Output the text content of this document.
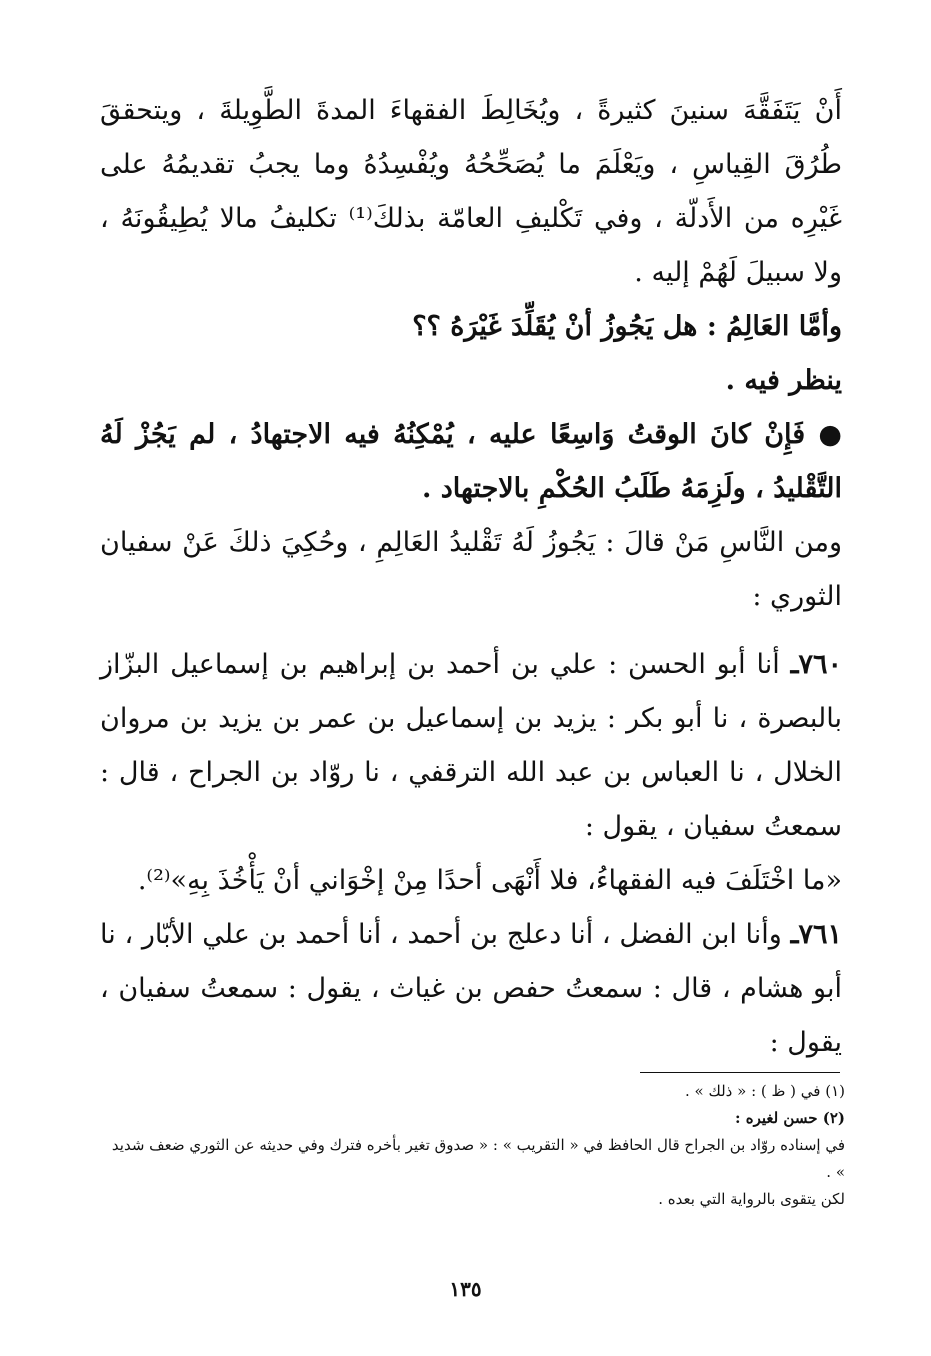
أَنْ يَتَفَقَّهَ سنينَ كثيرةً ، ويُخَالِطَ الفقهاءَ المدةَ الطَّوِيلةَ ، ويتحققَ طُرُقَ القِياسِ ، ويَعْلَمَ ما يُصَحِّحُهُ ويُفْسِدُهُ وما يجبُ تقديمُهُ على غَيْرِه من الأَدلّة ، وفي تَكْليفِ العامّة بذلكَ⁽¹⁾ تكليفُ مالا يُطِيقُونَهُ ، ولا سبيلَ لَهُمْ إليه .

وأمَّا العَالِمُ : هل يَجُوزُ أنْ يُقَلِّدَ غَيْرَهُ ؟؟

ينظر فيه .

● فَإِنْ كانَ الوقتُ وَاسِعًا عليه ، يُمْكِنُهُ فيه الاجتهادُ ، لم يَجُزْ لَهُ التَّقْليدُ ، ولَزِمَهُ طَلَبُ الحُكْمِ بالاجتهاد .

ومن النَّاسِ مَنْ قالَ : يَجُوزُ لَهُ تَقْليدُ العَالِمِ ، وحُكِيَ ذلكَ عَنْ سفيان الثوري :

٧٦٠ـ أنا أبو الحسن : علي بن أحمد بن إبراهيم بن إسماعيل البزّاز بالبصرة ، نا أبو بكر : يزيد بن إسماعيل بن عمر بن يزيد بن مروان الخلال ، نا العباس بن عبد الله الترقفي ، نا روّاد بن الجراح ، قال : سمعتُ سفيان ، يقول :

«ما اخْتَلَفَ فيه الفقهاءُ، فلا أَنْهَى أحدًا مِنْ إخْوَاني أنْ يَأْخُذَ بِهِ»⁽²⁾.

٧٦١ـ وأنا ابن الفضل ، أنا دعلج بن أحمد ، أنا أحمد بن علي الأبّار ، نا أبو هشام ، قال : سمعتُ حفص بن غياث ، يقول : سمعتُ سفيان ، يقول :

(١) في ( ظ ) : « ذلك » .

(٢) حسن لغيره :

في إسناده روّاد بن الجراح قال الحافظ في « التقريب » : « صدوق تغير بأخره فترك وفي حديثه عن الثوري ضعف شديد » .

لكن يتقوى بالرواية التي بعده .

١٣٥
